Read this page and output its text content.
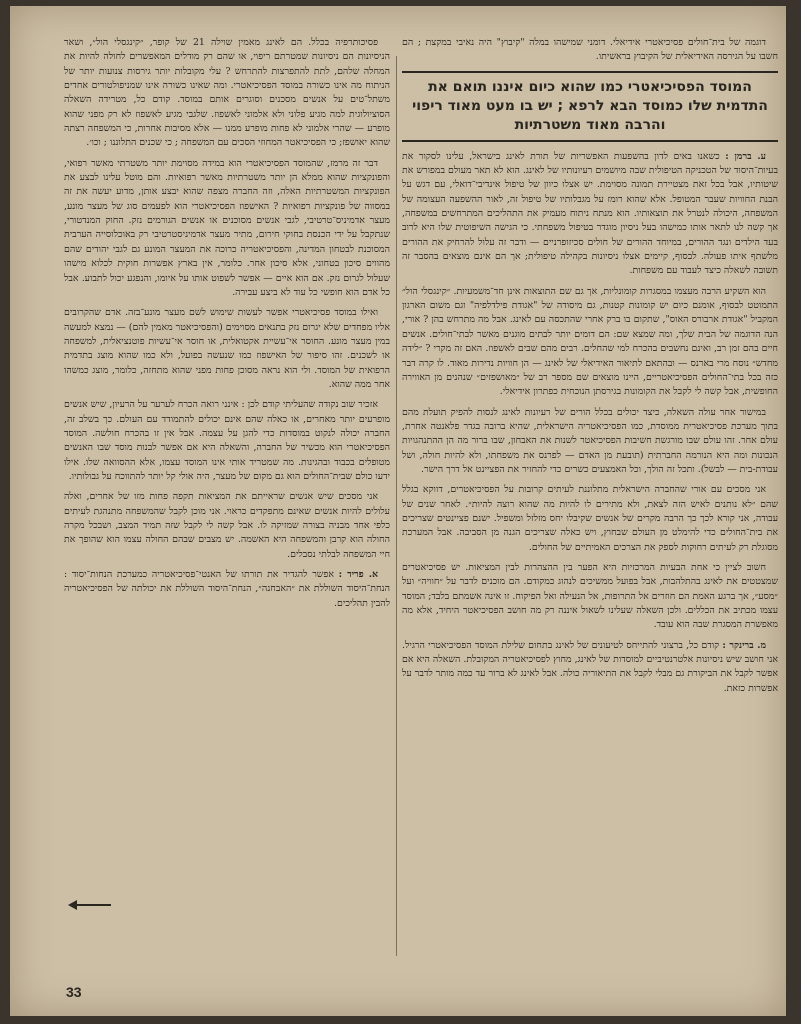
דוגמה של בית־חולים פסיכיאטרי אידיאלי. דומני שמישהו במלה "קיבוץ" היה נאיבי במקצת ; הם חשבו על הגירסה האידיאלית של הקיבוץ בראשיתו.

המוסד הפסיכיאטרי כמו שהוא כיום איננו תואם את התדמית שלו כמוסד הבא לרפא ; יש בו מעט מאוד ריפוי והרבה מאוד משטרתיות

ע. ברמן : כשאנו באים לדון בהשפעות האפשריות של תורת לאינג בישראל, עלינו לסקור את בעיות־היסוד של הטכניקה הטיפולית שבה מיושמים רעיונותיו של לאינג. הוא לא תאר מעולם במפורש את שיטותיו, אבל בכל זאת מצטיירת תמונה מסוימת. יש אצלו כיוון של טיפול אינדיבי־דואלי, עם דגש על הבנת החוויות שעבר המטופל. אלא שהוא רומז על מגבלותיו של טיפול זה, לאור ההשפעה העצומה של המשפחה, היכולה לנטרל את תוצאותיו. הוא מנתח ניתוח מעמיק את התהליכים המתרחשים במשפחה, אך קשה לנו לתאר אותו כמישהו בעל ניסיון מוגדר בטיפול משפחתי. כי הגישה השיפוטית שלו היא לרוב בעד הילדים ונגד ההורים, במיוחד ההורים של חולים סכיזופרניים — ודבר זה עלול להרחיק את ההורים מלשתף איתו פעולה. לבסוף, קיימים אצלו ניסיונות בקהילה טיפולית; אך הם אינם מוצאים בהסבר זה תשובה לשאלה כיצד לעבוד עם משפחות.

הוא השקיע הרבה מעצמו במסגרות קומונליות, אך גם שם התוצאות אינן חד־משמעיות. ״קינגסלי הול״ התמוטט לבסוף, אומנם כיום יש קומונות קטנות, גם מיסודה של "אגודת פילדלפיה" וגם משום הארגון המקביל "אגודת ארבורס האוס", שתקום בו ברק אחרי שהתכסה עם לאינג. אבל מה מתרחש בהן ? אורי, הנה הדוגמה של הבית שלך, ומה שמצא שם: הם דומים יותר לבתים מוגנים מאשר לבתי־חולים. אנשים חיים בהם זמן רב, ואינם נחשבים בהכרח למי שהחלים. רבים מהם שבים לאשפוז. האם זה מקרי ? ״לידה מחדש״ נוסח מרי בארנס — ובהתאם לתיאור האידיאלי של לאינג — הן חוויות נדירות מאוד. לו קרה דבר כזה בכל בתי־החולים הפסיכיאטריים, היינו מוצאים שם מספר רב של ״מאושפזים״ שנהנים מן האווירה החופשית, אבל קשה לי לקבל את הקומונות בגירסתן הנוכחית כפתרון אידיאלי.

במישור אחר עולה השאלה, כיצד יכולים בכלל הורים של רעיונות לאינג לנסות להפיק תועלת מהם בתוך מערכת פסיכיאטרית ממוסדת, כמו הפסיכיאטריה הישראלית, שהיא ברובה בגדר פלאנטה אחרת, עולם אחר. זהו עולם שבו מורגשת חשיבות הפסיכיאטר לשנות את האבחון, שבו ברור מה הן ההתנהגויות הנכונות ומה היא הנורמה החברתית (תובעת מן האדם — לפרנס את משפחתו, ולא להיות חולה, ושל עבודת-בית — לבשל). ותכל זה הולך, וכל האמצעים כשרים כדי להחזיר את הפציינט אל דרך הישר.

אני מסכים עם אורי שהחברה הישראלית מתלוננת לעיתים קרובות על הפסיכיאטרים, דווקא בגלל שהם ״לא נותנים לאיש הזה לצאת, ולא מתירים לו להיות מה שהוא רוצה להיות״. לאחר שנים של עבודה, אני קורא לכך כך הרבה מקרים של אנשים שקיבלו יחס מזלזל ומשפיל. ישנם פציינטים שצריכים את בית־החולים כדי להימלט מן העולם שבחוץ, ויש כאלה שצריכים הגנה מן הסביבה. אבל המערכת מסוגלת רק לעיתים רחוקות לספק את הצרכים האמיתיים של החולים.

חשוב לציין כי אחת הבעיות המרכזיות היא הפער בין ההצהרות לבין המציאות. יש פסיכיאטרים שמצטטים את לאינג בהתלהבות, אבל בפועל ממשיכים לנהוג כמקודם. הם מוכנים לדבר על ״חוויה״ ועל ״מסע״, אך ברגע האמת הם חוזרים אל התרופות, אל הנעילה ואל הפיקוח. זו אינה אשמתם בלבד; המוסד עצמו מכתיב את הכללים. ולכן השאלה שעלינו לשאול איננה רק מה חושב הפסיכיאטר היחיד, אלא מה מאפשרת המסגרת שבה הוא עובד.

מ. ברינקר : קודם כל, ברצוני להתייחס לטיעונים של לאינג בתחום שלילת המוסד הפסיכיאטרי הרגיל. אני חושב שיש ניסיונות אלטרנטיביים למוסדות של לאינג, מחוץ לפסיכיאטריה המקובלת. השאלה היא אם אפשר לקבל את הביקורת גם מבלי לקבל את התיאוריה כולה. אבל לאינג לא ברור עד כמה מותר לדבר על אפשרות כזאת.

פסיכותרפיה בכלל. הם לאינג מאמין שוילה 21 של קופר, ״קינגסלי הול״, ושאר הניסיונות הם ניסיונות שמטרתם ריפוי, או שהם רק מודלים המאפשרים לחולה להיות את המחלה שלהם, לתת להתפרצות להתרחש ? עלי מקובלות יותר גירסות צנועות יותר של הניתוח מה אינו כשורה במוסד הפסיכיאטרי. ומה שאינו כשורה אינו שמניפולטורים אחדים משתל־טים על אנשים מסכנים וסוגרים אותם במוסד. קודם כל, מטרידה השאלה הסוציולוגית למה מגיע פלוני ולא אלמוני לאשפוז. שלגבי מגיע לאשפוז לא רק מפני שהוא מופרע — שהרי אלמוני לא פחות מופרע ממנו — אלא מסיבות אחרות, כי המשפחה רצתה שהוא יאושפז; כי הפסיכיאטר המחוזי הסכים עם המשפחה ; כי שכנים התלוננו ; וכו׳.

דבר זה מרמז, שהמוסד הפסיכיאטרי הוא במידה מסוימת יותר משטרתי מאשר רפואי, והפונקציות שהוא ממלא הן יותר משטרתיות מאשר רפואיות. והם מוטל עלינו לבצע את הפונקציות המשטרתיות האלה, וזה החברה מצפה שהוא יבצע אותן, מדוע יעשה את זה במסווה של פונקציות רפואיות ? האישפוז הפסיכיאטרי הוא לפעמים סוג של מעצר מונע, מעצר אדמיניס־טרטיבי, לגבי אנשים מסוכנים או אנשים הגורמים נזק. החוק המנדטורי, שנתקבל על ידי הכנסת בחוקי חירום, מתיר מעצר אדמיניסטרטיבי רק באוכלוסייה הערבית המסוכנת לבטחון המדינה, והפסיכיאטריה כרוכה את המעצר המונע גם לגבי יהודים שהם מהווים סיכון בטחוני, אלא סיכון אחר. כלומר, אין בארץ אפשרות חוקית לכלוא מישהו שעלול לגרום נזק. אם הוא איים — אפשר לשפוט אותו על איומו, והנפגע יכול לתבוע. אבל כל אדם הוא חופשי כל עוד לא ביצע עבירה.

ואילו במוסד פסיכיאטרי אפשר לעשות שימוש לשם מעצר מונע־בזה. אדם שהקרובים אליו מפחדים שלא יגרום נזק בתנאים מסוימים (והפסיכיאטר מאמין להם) — נמצא למעשה במין מעצר מונע. החוסר אי־עשיית אקטואלית, או חוסר אי־עשיות פוטנציאלית, למשפחה או לשכנים. זהו סיפור של האישפוז כמו שנעשה בפועל, ולא כמו שהוא מוצג בתדמית הרפואית של המוסד. ולי הוא נראה מסוכן פחות מפני שהוא מתחזה, כלומר, מוצג כמשהו אחר ממה שהוא.

אזכיר שוב נקודה שהעליתי קודם לכן : אינני רואה הכרח לערער על הרעיון, שיש אנשים מופרעים יותר מאחרים, או כאלה שהם אינם יכולים להתמודד עם העולם. כך בשלב זה, החברה יכולה לנקוט במוסדות כדי להגן על עצמה. אבל אין זו בהכרח חולשה. המוסד הפסיכיאטרי הוא מכשיר של החברה, והשאלה היא אם אפשר לבנות מוסד שבו האנשים מטופלים בכבוד ובהגינות. מה שמטריד אותי אינו המוסד עצמו, אלא ההסוואה שלו. אילו ידעו כולם שבית־החולים הוא גם מקום של מעצר, היה אולי קל יותר להתווכח על גבולותיו.

אני מסכים שיש אנשים שראייתם את המציאות תקפה פחות מזו של אחרים, ואלה עלולים להיות אנשים שאינם מתפקדים כראוי. אני מוכן לקבל שהמשפחה מתנהגת לעיתים כלפי אחד מבניה בצורה שמזיקה לו. אבל קשה לי לקבל שזה תמיד המצב, ושבכל מקרה החולה הוא קרבן והמשפחה היא האשמה. יש מצבים שבהם החולה עצמו הוא שהופך את חיי המשפחה לבלתי נסבלים.

א. פריד : אפשר להגדיר את תורתו של האנטי־פסיכיאטריה כמערכת הנחות־יסוד : הנחת־היסוד השוללת את ״האבחנה״, הנחת־היסוד השוללת את יכולתה של הפסיכיאטריה להבין תהליכים.

33
